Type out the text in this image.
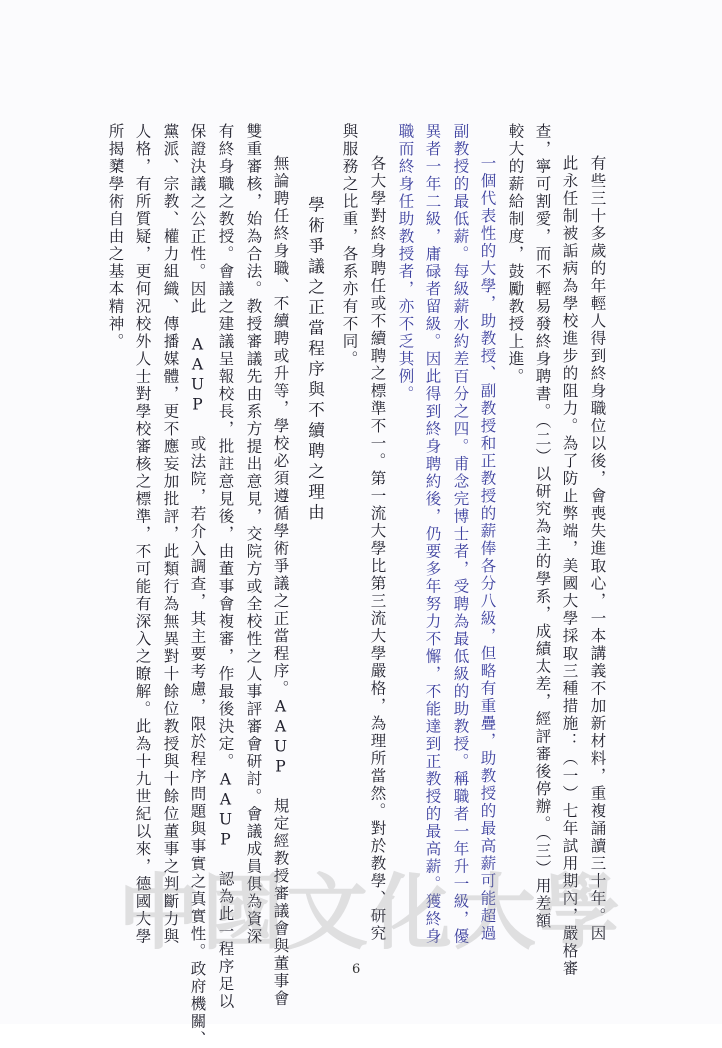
有些三十多歲的年輕人得到終身職位以後，會喪失進取心，一本講義不加新材料，重複誦讀三十年。因
此永任制被詬病為學校進步的阻力。為了防止弊端，美國大學採取三種措施：（一）七年試用期內，嚴格審
查，寧可割愛，而不輕易發終身聘書。（二）以研究為主的學系，成績太差，經評審後停辦。（三）用差額
較大的薪給制度，鼓勵教授上進。
一個代表性的大學，助教授、副教授和正教授的薪俸各分八級，但略有重疊，助教授的最高薪可能超過
副教授的最低薪。每級薪水約差百分之四。甫念完博士者，受聘為最低級的助教授。稱職者一年升一級，優
異者一年二級，庸碌者留級。因此得到終身聘約後，仍要多年努力不懈，不能達到正教授的最高薪。獲終身
職而終身任助教授者，亦不乏其例。
各大學對終身聘任或不續聘之標準不一。第一流大學比第三流大學嚴格，為理所當然。對於教學、研究
與服務之比重，各系亦有不同。
學術爭議之正當程序與不續聘之理由
無論聘任終身職、不續聘或升等，學校必須遵循學術爭議之正當程序。AAUP 規定經教授審議會與董事會
雙重審核，始為合法。教授審議先由系方提出意見，交院方或全校性之人事評審會研討。會議成員俱為資深
有終身職之教授。會議之建議呈報校長，批註意見後，由董事會複審，作最後決定。AAUP 認為此一程序足以
保證決議之公正性。因此 AAUP 或法院，若介入調查，其主要考慮，限於程序問題與事實之真實性。政府機關、
黨派、宗教、權力組織、傳播媒體，更不應妄加批評，此類行為無異對十餘位教授與十餘位董事之判斷力與
人格，有所質疑，更何況校外人士對學校審核之標準，不可能有深入之瞭解。此為十九世紀以來，德國大學
所揭櫫學術自由之基本精神。
中國文化大學
6
